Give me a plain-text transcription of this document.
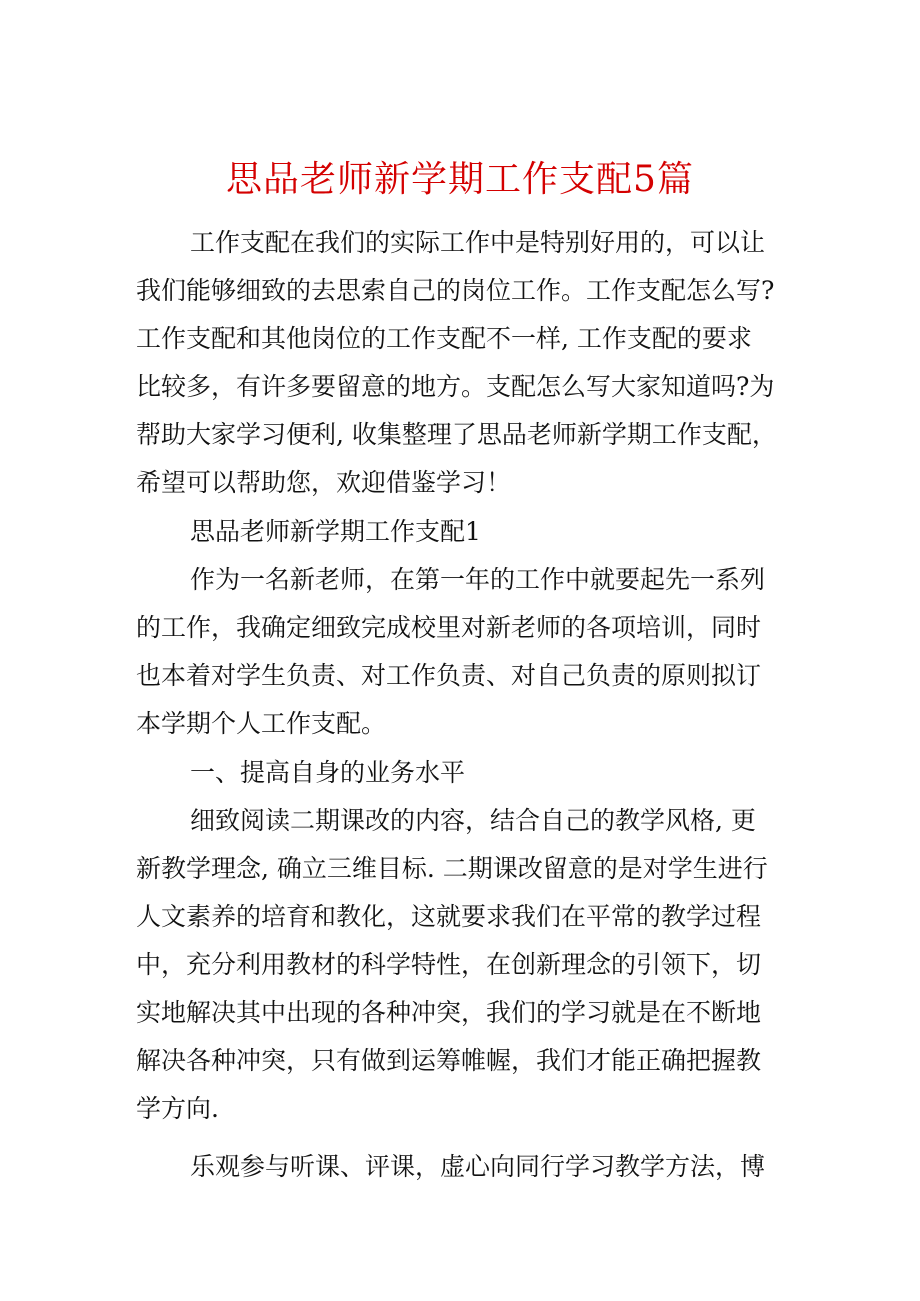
思品老师新学期工作支配5篇

工作支配在我们的实际工作中是特别好用的，可以让

我们能够细致的去思索自己的岗位工作。工作支配怎么写?

工作支配和其他岗位的工作支配不一样, 工作支配的要求

比较多，有许多要留意的地方。支配怎么写大家知道吗?为

帮助大家学习便利, 收集整理了思品老师新学期工作支配，

希望可以帮助您，欢迎借鉴学习！

思品老师新学期工作支配1

作为一名新老师，在第一年的工作中就要起先一系列

的工作，我确定细致完成校里对新老师的各项培训，同时

也本着对学生负责、对工作负责、对自己负责的原则拟订

本学期个人工作支配。

一、提高自身的业务水平

细致阅读二期课改的内容，结合自己的教学风格, 更

新教学理念, 确立三维目标. 二期课改留意的是对学生进行

人文素养的培育和教化，这就要求我们在平常的教学过程

中，充分利用教材的科学特性，在创新理念的引领下，切

实地解决其中出现的各种冲突，我们的学习就是在不断地

解决各种冲突，只有做到运筹帷幄，我们才能正确把握教

学方向.

乐观参与听课、评课，虚心向同行学习教学方法，博
